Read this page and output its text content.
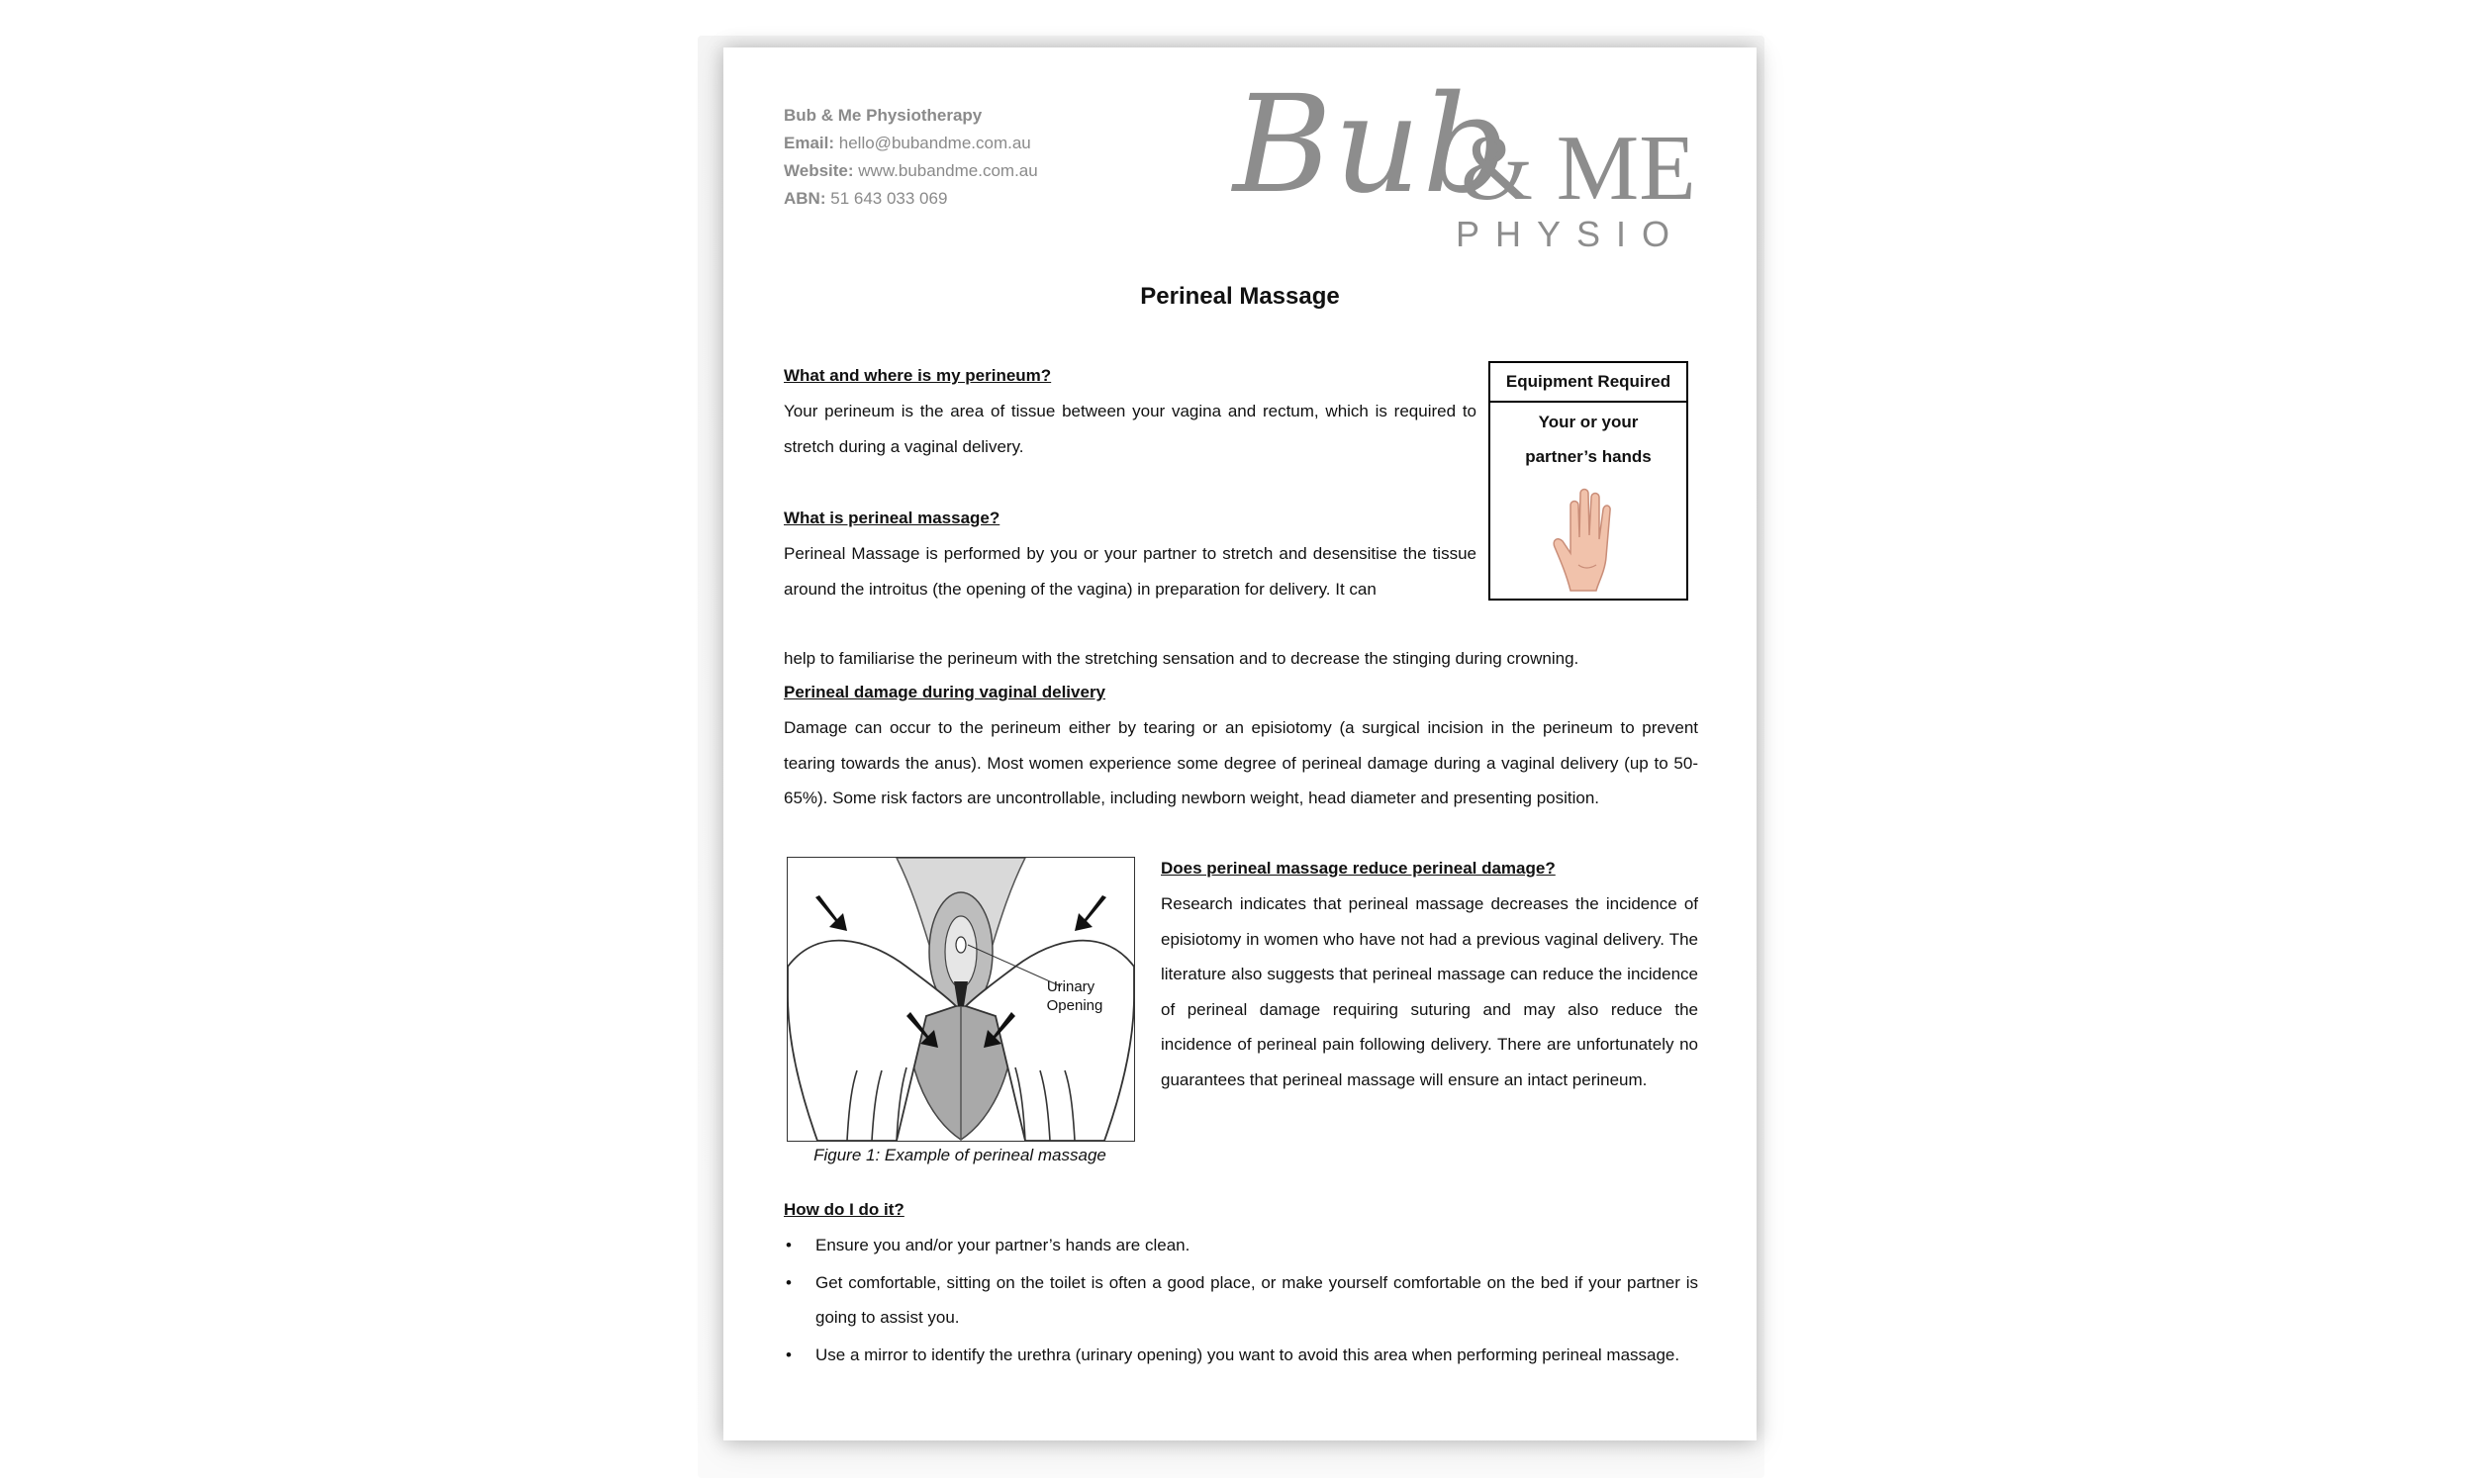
Bub & Me Physiotherapy
Email: hello@bubandme.com.au
Website: www.bubandme.com.au
ABN: 51 643 033 069	Bub
& ME
PHYSIO
Perineal Massage
What and where is my perineum?
Your perineum is the area of tissue between your vagina and rectum, which is required to stretch during a vaginal delivery.
Equipment Required
Your or your
partner’s hands
What is perineal massage?
Perineal Massage is performed by you or your partner to stretch and desensitise the tissue around the introitus (the opening of the vagina) in preparation for delivery. It can
help to familiarise the perineum with the stretching sensation and to decrease the stinging during crowning.
Perineal damage during vaginal delivery
Damage can occur to the perineum either by tearing or an episiotomy (a surgical incision in the perineum to prevent tearing towards the anus). Most women experience some degree of perineal damage during a vaginal delivery (up to 50-65%). Some risk factors are uncontrollable, including newborn weight, head diameter and presenting position.
Urinary
Opening
Figure 1: Example of perineal massage
Does perineal massage reduce perineal damage?
Research indicates that perineal massage decreases the incidence of episiotomy in women who have not had a previous vaginal delivery. The literature also suggests that perineal massage can reduce the incidence of perineal damage requiring suturing and may also reduce the incidence of perineal pain following delivery. There are unfortunately no guarantees that perineal massage will ensure an intact perineum.
How do I do it?
• Ensure you and/or your partner’s hands are clean.
• Get comfortable, sitting on the toilet is often a good place, or make yourself comfortable on the bed if your partner is going to assist you.
• Use a mirror to identify the urethra (urinary opening) you want to avoid this area when performing perineal massage.
